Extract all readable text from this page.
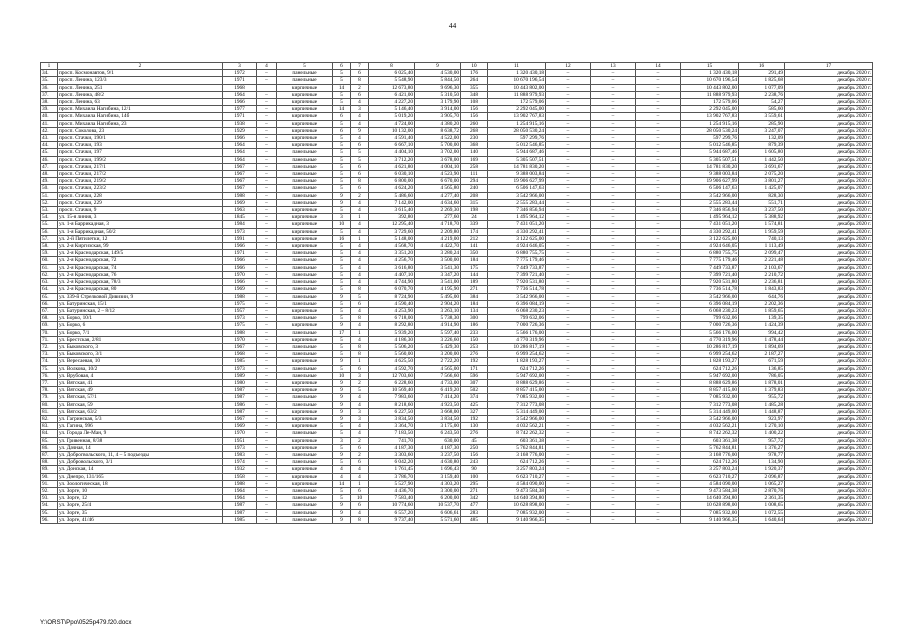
44
1	2	3	4	5	6	7	8	9	10	11	12	13	14	15	16	17
34.	просп. Космонавтов, 9/1	1972	–	панельные	5	6	6 025,40	4 530,00	176	1 320 430,18	–	–	–	1 320 430,18	291,49	декабрь 2020 г.
35.	просп. Ленина, 123/3	1971	–	панельные	5	8	5 548,90	5 844,50	264	10 670 196,54	–	–	–	10 670 196,54	1 825,68	декабрь 2020 г.
36.	просп. Ленина, 251	1968		кирпичные	14	2	12 673,80	9 696,30	355	10 443 802,00	–	–	–	10 443 802,00	1 077,09	декабрь 2020 г.
37.	просп. Ленина, 48/2	1964	–	кирпичные	5	6	6 421,00	5 310,50	348	11 888 979,93	–	–	–	11 888 979,93	2 238,76	декабрь 2020 г.
38.	просп. Ленина, 63	1966	–	кирпичные	5	4	4 227,20	3 179,90	108	172 579,06	–	–	–	172 579,06	54,27	декабрь 2020 г.
39.	просп. Михаила Нагибина, 12/1	1977	–	кирпичные	14	3	5 146,40	3 914,00	156	2 292 045,00	–	–	–	2 292 045,00	585,60	декабрь 2020 г.
40.	просп. Михаила Нагибина, 14б	1971	–	кирпичные	6	4	5 019,20	3 905,70	156	13 902 767,83	–	–	–	13 902 767,83	3 559,61	декабрь 2020 г.
41.	просп. Михаила Нагибина, 23	1938	–	кирпичные	5	4	4 724,00	4 380,20	260	1 254 915,16	–	–	–	1 254 915,16	285,90	декабрь 2020 г.
42.	просп. Соколова, 23	1929	–	кирпичные	6	9	10 132,00	8 638,72	268	28 050 530,24	–	–	–	28 050 530,24	3 247,07	декабрь 2020 г.
43.	просп. Стачки, 190/1	1966	–	кирпичные	5	4	4 591,40	4 522,00	230	597 299,76	–	–	–	597 299,76	132,09	декабрь 2020 г.
44.	просп. Стачки, 193	1964	–	кирпичные	5	6	6 667,10	5 700,00	368	5 012 546,85	–	–	–	5 012 546,85	879,39	декабрь 2020 г.
45.	просп. Стачки, 197	1964	–	панельные	5	5	4 404,10	3 702,00	140	5 944 687,46	–	–	–	5 944 687,46	1 605,80	декабрь 2020 г.
46.	просп. Стачки, 199/2	1964	–	панельные	5	5	3 712,20	3 678,00	169	5 305 507,51	–	–	–	5 305 507,51	1 442,50	декабрь 2020 г.
47.	просп. Стачки, 217/1	1967	–	панельные	5	6	4 621,80	4 004,10	258	14 781 830,20	–	–	–	14 781 830,20	3 691,67	декабрь 2020 г.
48.	просп. Стачки, 217/2	1967	–	панельные	5	6	6 030,10	4 523,90	111	9 388 003,84	–	–	–	9 388 003,84	2 075,20	декабрь 2020 г.
49.	просп. Стачки, 219/2	1967	–	панельные	5	8	6 800,00	6 670,00	294	19 906 627,99	–	–	–	19 906 627,99	3 801,27	декабрь 2020 г.
50.	просп. Стачки, 223/2	1967	–	панельные	5	6	4 624,20	4 565,80	240	6 506 147,63	–	–	–	6 506 147,63	1 425,07	декабрь 2020 г.
51.	просп. Стачки, 228	1988	–	панельные	9	2	5 486,60	4 277,40	208	3 542 966,00	–	–	–	3 542 966,00	828,30	декабрь 2020 г.
52.	просп. Стачки, 229	1969	–	панельные	9	4	7 142,00	4 634,60	315	2 555 283,44	–	–	–	2 555 283,44	551,71	декабрь 2020 г.
53.	просп. Стачки, 9	1963	–	кирпичные	5	4	3 615,40	2 269,30	198	7 346 856,94	–	–	–	7 346 856,94	3 237,50	декабрь 2020 г.
54.	ул. 15-я линия, 3	1845	–	кирпичные	3	1	392,80	277,60	24	1 495 964,12	–	–	–	1 495 964,12	5 388,92	декабрь 2020 г.
55.	ул. 1-я Баррикадная, 3	1984	–	кирпичные	10	4	12 295,40	4 718,70	339	7 431 051,20	–	–	–	7 431 051,20	1 574,81	декабрь 2020 г.
56.	ул. 1-я Баррикадная, 50/2	1973	–	кирпичные	5	4	3 729,60	2 209,80	174	4 330 292,41	–	–	–	4 330 292,41	1 959,59	декабрь 2020 г.
57.	ул. 2-й Пятилетки, 12	1991	–	кирпичные	16	1	5 148,00	4 219,00	212	3 122 625,00	–	–	–	3 122 625,00	740,13	декабрь 2020 г.
58.	ул. 2-я Киргизская, 99	1966	–	кирпичные	5	4	4 568,70	4 422,70	141	4 924 646,05	–	–	–	4 924 646,05	1 113,49	декабрь 2020 г.
59.	ул. 2-я Краснодарская, 149/5	1971	–	панельные	5	4	3 351,20	3 280,24	350	6 880 755,75	–	–	–	6 880 755,75	2 099,47	декабрь 2020 г.
60.	ул. 2-я Краснодарская, 72	1966	–	панельные	5	4	4 256,70	3 500,00	184	7 775 179,46	–	–	–	7 775 179,46	2 221,48	декабрь 2020 г.
61.	ул. 2-я Краснодарская, 74	1966	–	панельные	5	4	3 616,80	3 541,30	175	7 449 733,87	–	–	–	7 449 733,87	2 103,67	декабрь 2020 г.
62.	ул. 2-я Краснодарская, 76	1970	–	панельные	5	4	4 407,10	3 347,20	144	7 399 721,40	–	–	–	7 399 721,40	2 210,72	декабрь 2020 г.
63.	ул. 2-я Краснодарская, 78/3	1966	–	панельные	5	4	4 744,90	3 541,00	189	7 920 531,80	–	–	–	7 920 531,80	2 236,81	декабрь 2020 г.
64.	ул. 2-я Краснодарская, 80	1969	–	панельные	5	8	6 070,70	4 195,90	271	7 736 514,78	–	–	–	7 736 514,78	1 843,83	декабрь 2020 г.
65.	ул. 339-й Стрелковой Дивизии, 9	1988	–	панельные	9	5	8 724,90	5 495,00	384	3 542 966,00	–	–	–	3 542 966,00	644,76	декабрь 2020 г.
66.	ул. Батуринская, 15/1	1975	–	панельные	5	6	4 590,40	2 904,20	184	6 396 084,19	–	–	–	6 396 084,19	2 202,36	декабрь 2020 г.
67.	ул. Батуринская, 2 – 8/12	1957	–	кирпичные	5	4	4 253,90	3 263,10	134	6 068 230,23	–	–	–	6 068 230,23	1 859,65	декабрь 2020 г.
68.	ул. Борко, 10/1	1973	–	панельные	5	8	6 718,00	5 738,30	300	799 632,06	–	–	–	799 632,06	139,35	декабрь 2020 г.
69.	ул. Борко, 6	1975	–	кирпичные	9	4	8 292,80	4 914,90	186	7 000 726,36	–	–	–	7 000 726,36	1 424,39	декабрь 2020 г.
70.	ул. Борко, 7/1	1988	–	панельные	17	1	5 939,20	5 597,40	233	5 566 176,00	–	–	–	5 566 176,00	994,42	декабрь 2020 г.
71.	ул. Брестская, 2/81	1970	–	кирпичные	5	4	4 186,30	3 226,60	150	4 770 319,96	–	–	–	4 770 319,96	1 478,44	декабрь 2020 г.
72.	ул. Быковского, 3	1967	–	панельные	5	8	5 506,20	5 429,30	253	10 286 817,19	–	–	–	10 286 817,19	1 894,69	декабрь 2020 г.
73.	ул. Быковского, 3/1	1968	–	панельные	5	8	5 560,00	3 200,00	276	6 999 254,62	–	–	–	6 999 254,62	2 187,27	декабрь 2020 г.
74.	ул. Вересаевая, 10	1985	–	кирпичные	9	1	4 625,50	2 722,20	192	1 828 193,27	–	–	–	1 828 193,27	671,59	декабрь 2020 г.
75.	ул. Волкова, 10/2	1973	–	панельные	5	6	4 592,70	4 565,00	171	624 712,26	–	–	–	624 712,26	136,85	декабрь 2020 г.
76.	ул. Врубовая, 4	1989	–	панельные	10	3	12 703,60	7 566,60	596	5 947 692,00	–	–	–	5 947 692,00	786,05	декабрь 2020 г.
77.	ул. Вятская, 41	1980	–	кирпичные	9	2	6 228,60	4 733,00	307	8 888 629,86	–	–	–	8 888 629,86	1 878,01	декабрь 2020 г.
78.	ул. Вятская, 49	1987	–	кирпичные	9	5	10 569,40	6 419,20	502	8 857 415,00	–	–	–	8 857 415,00	1 379,83	декабрь 2020 г.
79.	ул. Вятская, 57/1	1987	–	панельные	9	4	7 983,60	7 414,20	374	7 085 932,00	–	–	–	7 085 932,00	955,72	декабрь 2020 г.
80.	ул. Вятская, 59	1986	–	панельные	9	4	8 218,60	4 923,50	425	7 312 773,08	–	–	–	7 312 773,08	1 485,28	декабрь 2020 г.
81.	ул. Вятская, 63/2	1987	–	кирпичные	9	3	6 227,50	3 668,00	327	5 314 449,00	–	–	–	5 314 449,00	1 448,87	декабрь 2020 г.
82.	ул. Гагринская, 5/3	1967	–	кирпичные	9	3	3 834,50	3 834,50	192	3 542 966,00	–	–	–	3 542 966,00	923,97	декабрь 2020 г.
83.	ул. Гагина, 996	1969	–	кирпичные	5	4	3 364,70	3 175,00	130	4 032 562,21	–	–	–	4 032 562,21	1 270,10	декабрь 2020 г.
84.	ул. Города Ле-Ман, 9	1970	–	панельные	5	4	7 183,50	6 243,50	276	8 742 262,32	–	–	–	8 742 262,32	1 400,22	декабрь 2020 г.
85.	ул. Гривенная, 8/38	1951	–	кирпичные	3	2	741,70	630,00	45	603 361,38	–	–	–	603 361,38	957,72	декабрь 2020 г.
86.	ул. Дачная, 14	1973	–	кирпичные	5	6	4 187,30	4 187,30	250	5 762 844,81	–	–	–	5 762 844,81	1 376,27	декабрь 2020 г.
87.	ул. Доброгвольского, 11, 4 – 5 подъезды	1983	–	панельные	9	2	3 303,60	3 237,50	156	3 168 776,00	–	–	–	3 168 776,00	978,77	декабрь 2020 г.
88.	ул. Добровольского, 3/1	1974	–	панельные	5	6	6 042,20	4 630,80	243	624 712,26	–	–	–	624 712,26	134,90	декабрь 2020 г.
89.	ул. Донская, 14	1932	–	кирпичные	4	4	1 761,45	1 696,43	90	3 257 803,24	–	–	–	3 257 803,24	1 920,37	декабрь 2020 г.
90.	ул. Днепро, 131/165	1958	–	кирпичные	4	4	3 786,70	3 159,40	100	6 623 710,27	–	–	–	6 623 710,27	2 096,87	декабрь 2020 г.
91.	ул. Зоологическая, 18	1988	–	кирпичные	14	1	5 527,90	4 303,20	295	4 584 090,00	–	–	–	4 584 090,00	1 065,27	декабрь 2020 г.
92.	ул. Зорге, 10	1964	–	панельные	5	6	4 436,70	3 300,00	271	9 473 584,38	–	–	–	9 473 584,38	2 870,78	декабрь 2020 г.
93.	ул. Зорге, 12	1964	–	панельные	5	10	7 583,40	6 200,00	342	14 640 394,80	–	–	–	14 640 394,80	2 361,35	декабрь 2020 г.
94.	ул. Зорге, 25/4	1987	–	панельные	9	6	10 774,60	10 537,70	477	10 628 898,00	–	–	–	10 628 898,00	1 008,65	декабрь 2020 г.
95.	ул. Зорге, 35	1987	–	панельные	9	4	6 557,20	6 606,61	283	7 085 932,00	–	–	–	7 085 932,00	1 072,55	декабрь 2020 г.
96.	ул. Зорге, 41/46	1985	–	панельные	9	8	9 737,40	5 571,60	485	9 140 966,35	–	–	–	9 140 966,35	1 640,64	декабрь 2020 г.
Y:\ORST\Ppo\0525p479.f20.docx
